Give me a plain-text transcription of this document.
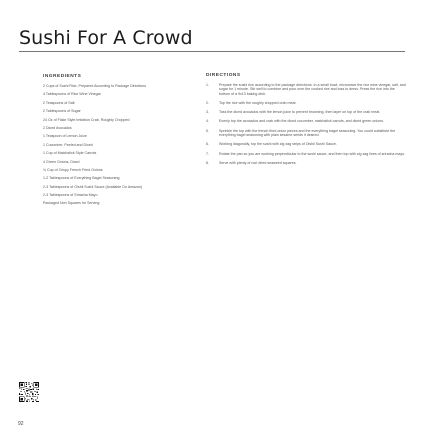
Sushi For A Crowd
INGREDIENTS
2 Cups of Sushi Rice, Prepared According to Package Directions
4 Tablespoons of Rice Wine Vinegar
2 Teaspoons of Salt
2 Tablespoons of Sugar
24 Oz of Flake Style Imitation Crab, Roughly Chopped
2 Diced Avocados
1 Teaspoon of Lemon Juice
1 Cucumber, Peeled and Diced
1 Cup of Matchstick Style Carrots
4 Green Onions, Diced
¾ Cup of Crispy French Fried Onions
1-2 Tablespoons of Everything Bagel Seasoning
2-3 Tablespoons of Oishii Sushi Sauce (Available On Amazon)
2-3 Tablespoons of Sriracha Mayo
Packaged Nori Squares for Serving
DIRECTIONS
1.	Prepare the sushi rice according to the package directions. In a small bowl, microwave the rice wine vinegar, salt, and sugar for 1 minute. Stir well to combine and pour over the cooked rice and toss to dress. Press the rice into the bottom of a 9x13 baking dish.
2.	Top the rice with the roughly chopped crab meat.
3.	Toss the diced avocados with the lemon juice to prevent browning, then layer on top of the crab meat.
4.	Evenly top the avocados and crab with the diced cucumber, matchstick carrots, and diced green onions.
5.	Sprinkle the top with the french fried onion pieces and the everything bagel seasoning. You could substitute the everything bagel seasoning with plain sesame seeds if desired.
6.	Working diagonally, top the sushi with zig zag strips of Oishii Sushi Sauce.
7.	Rotate the pan so you are working perpendicular to the sushi sauce, and then top with zig zag lines of sriracha mayo.
8.	Serve with plenty of nori dried seaweed squares.
92
